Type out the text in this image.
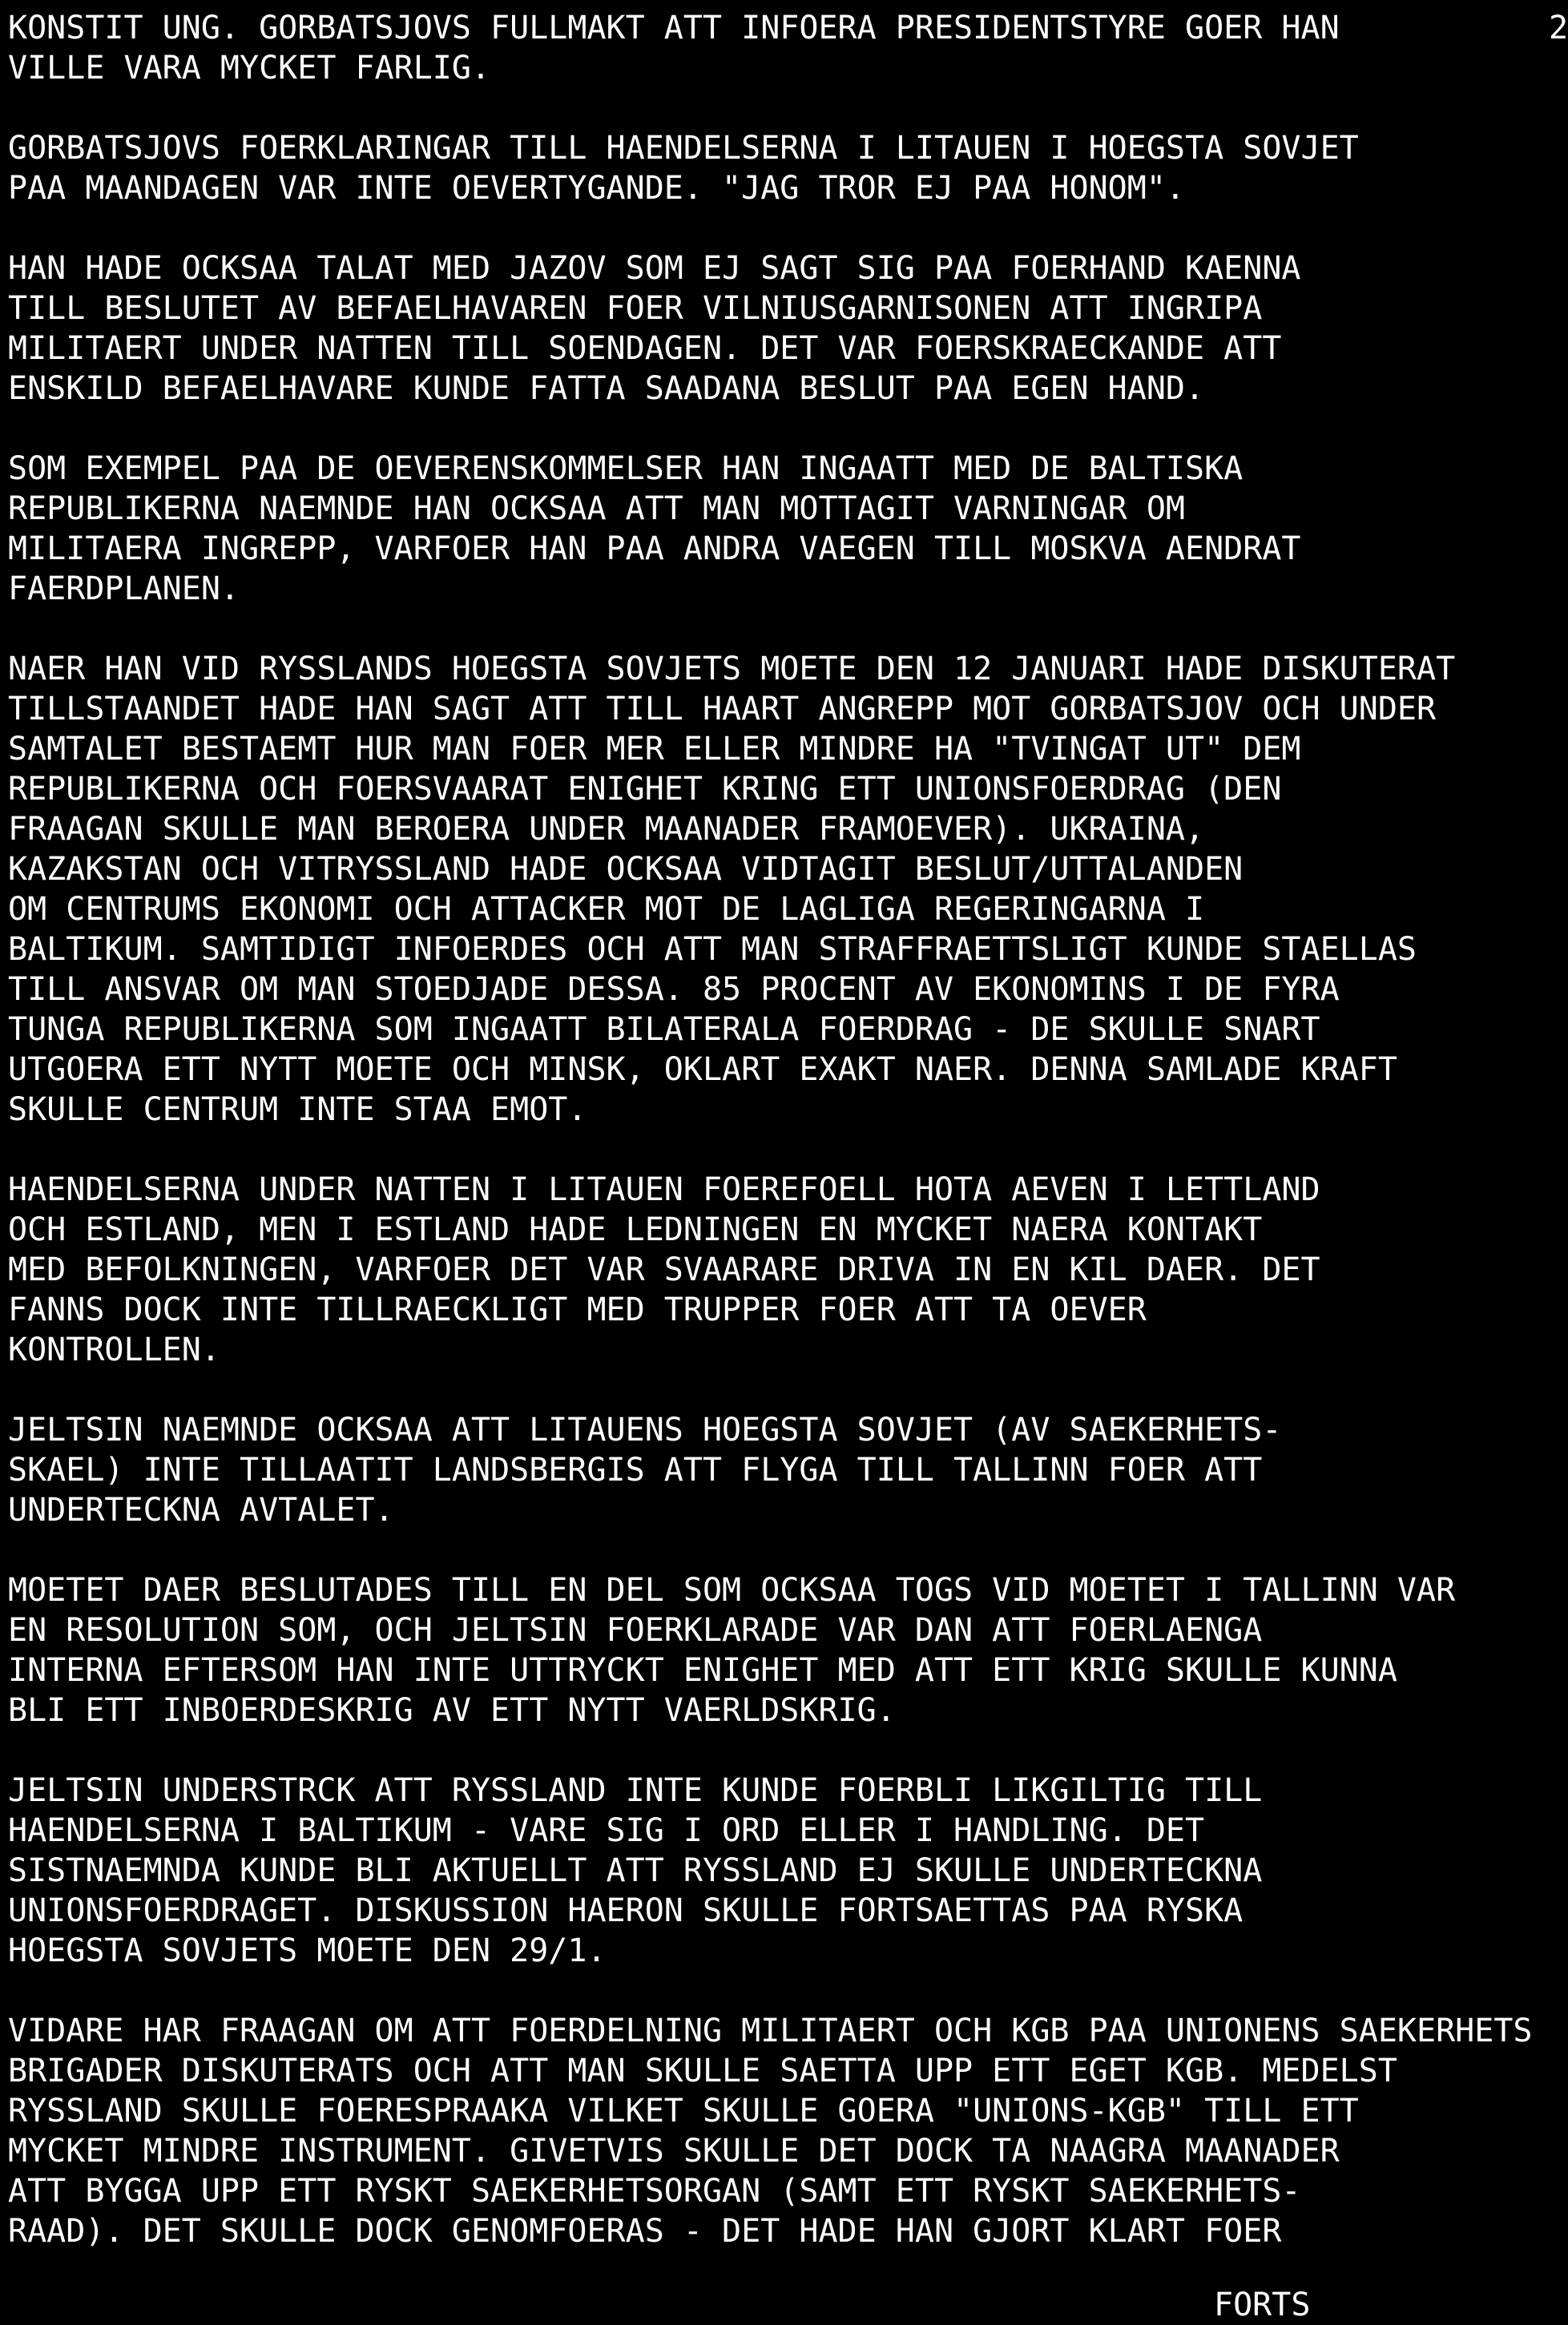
2
KONSTIT UNG. GORBATSJOVS FULLMAKT ATT INFOERA PRESIDENTSTYRE GOER HAN
VILLE VARA MYCKET FARLIG.
GORBATSJOVS FOERKLARINGAR TILL HAENDELSERNA I LITAUEN I HOEGSTA SOVJET
PAA MAANDAGEN VAR INTE OEVERTYGANDE. "JAG TROR EJ PAA HONOM".
HAN HADE OCKSAA TALAT MED JAZOV SOM EJ SAGT SIG PAA FOERHAND KAENNA
TILL BESLUTET AV BEFAELHAVAREN FOER VILNIUSGARNISONEN ATT INGRIPA
MILITAERT UNDER NATTEN TILL SOENDAGEN. DET VAR FOERSKRAECKANDE ATT
ENSKILD BEFAELHAVARE KUNDE FATTA SAADANA BESLUT PAA EGEN HAND.
SOM EXEMPEL PAA DE OEVERENSKOMMELSER HAN INGAATT MED DE BALTISKA
REPUBLIKERNA NAEMNDE HAN OCKSAA ATT MAN MOTTAGIT VARNINGAR OM
MILITAERA INGREPP, VARFOER HAN PAA ANDRA VAEGEN TILL MOSKVA AENDRAT
FAERDPLANEN.
NAER HAN VID RYSSLANDS HOEGSTA SOVJETS MOETE DEN 12 JANUARI HADE DISKUTERAT
TILLSTAANDET HADE HAN SAGT ATT TILL HAART ANGREPP MOT GORBATSJOV OCH UNDER
SAMTALET BESTAEMT HUR MAN FOER MER ELLER MINDRE HA "TVINGAT UT" DEM
REPUBLIKERNA OCH FOERSVAARAT ENIGHET KRING ETT UNIONSFOERDRAG (DEN
FRAAGAN SKULLE MAN BEROERA UNDER MAANADER FRAMOEVER). UKRAINA,
KAZAKSTAN OCH VITRYSSLAND HADE OCKSAA VIDTAGIT BESLUT/UTTALANDEN
OM CENTRUMS EKONOMI OCH ATTACKER MOT DE LAGLIGA REGERINGARNA I
BALTIKUM. SAMTIDIGT INFOERDES OCH ATT MAN STRAFFRAETTSLIGT KUNDE STAELLAS
TILL ANSVAR OM MAN STOEDJADE DESSA. 85 PROCENT AV EKONOMINS I DE FYRA
TUNGA REPUBLIKERNA SOM INGAATT BILATERALA FOERDRAG - DE SKULLE SNART
UTGOERA ETT NYTT MOETE OCH MINSK, OKLART EXAKT NAER. DENNA SAMLADE KRAFT
SKULLE CENTRUM INTE STAA EMOT.
HAENDELSERNA UNDER NATTEN I LITAUEN FOEREFOELL HOTA AEVEN I LETTLAND
OCH ESTLAND, MEN I ESTLAND HADE LEDNINGEN EN MYCKET NAERA KONTAKT
MED BEFOLKNINGEN, VARFOER DET VAR SVAARARE DRIVA IN EN KIL DAER. DET
FANNS DOCK INTE TILLRAECKLIGT MED TRUPPER FOER ATT TA OEVER
KONTROLLEN.
JELTSIN NAEMNDE OCKSAA ATT LITAUENS HOEGSTA SOVJET (AV SAEKERHETS-
SKAEL) INTE TILLAATIT LANDSBERGIS ATT FLYGA TILL TALLINN FOER ATT
UNDERTECKNA AVTALET.
MOETET DAER BESLUTADES TILL EN DEL SOM OCKSAA TOGS VID MOETET I TALLINN VAR
EN RESOLUTION SOM, OCH JELTSIN FOERKLARADE VAR DAN ATT FOERLAENGA
INTERNA EFTERSOM HAN INTE UTTRYCKT ENIGHET MED ATT ETT KRIG SKULLE KUNNA
BLI ETT INBOERDESKRIG AV ETT NYTT VAERLDSKRIG.
JELTSIN UNDERSTRCK ATT RYSSLAND INTE KUNDE FOERBLI LIKGILTIG TILL
HAENDELSERNA I BALTIKUM - VARE SIG I ORD ELLER I HANDLING. DET
SISTNAEMNDA KUNDE BLI AKTUELLT ATT RYSSLAND EJ SKULLE UNDERTECKNA
UNIONSFOERDRAGET. DISKUSSION HAERON SKULLE FORTSAETTAS PAA RYSKA
HOEGSTA SOVJETS MOETE DEN 29/1.
VIDARE HAR FRAAGAN OM ATT FOERDELNING MILITAERT OCH KGB PAA UNIONENS SAEKERHETS
BRIGADER DISKUTERATS OCH ATT MAN SKULLE SAETTA UPP ETT EGET KGB. MEDELST
RYSSLAND SKULLE FOERESPRAAKA VILKET SKULLE GOERA "UNIONS-KGB" TILL ETT
MYCKET MINDRE INSTRUMENT. GIVETVIS SKULLE DET DOCK TA NAAGRA MAANADER
ATT BYGGA UPP ETT RYSKT SAEKERHETSORGAN (SAMT ETT RYSKT SAEKERHETS-
RAAD). DET SKULLE DOCK GENOMFOERAS - DET HADE HAN GJORT KLART FOER
FORTS
